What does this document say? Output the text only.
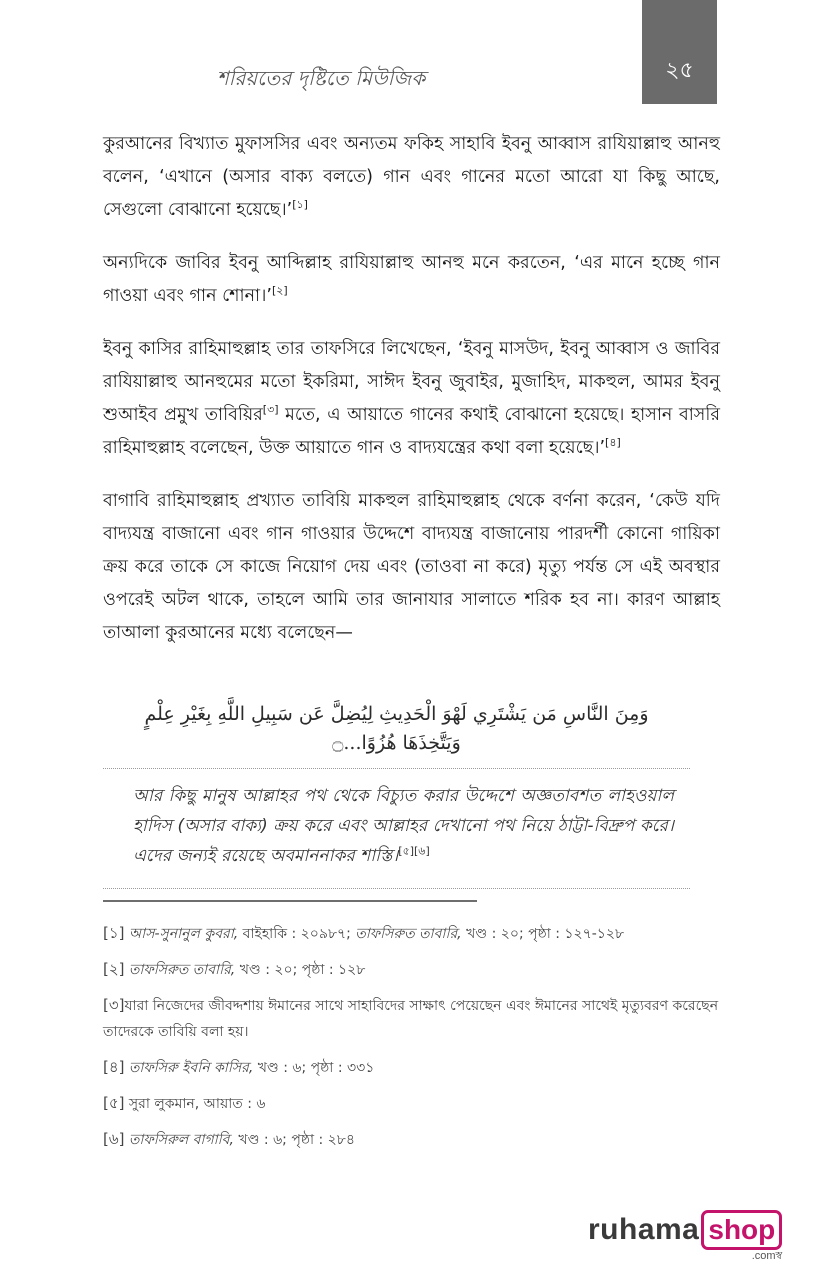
শরিয়তের দৃষ্টিতে মিউজিক	২৫

কুরআনের বিখ্যাত মুফাসসির এবং অন্যতম ফকিহ সাহাবি ইবনু আব্বাস রাযিয়াল্লাহু আনহু বলেন, ‘এখানে (অসার বাক্য বলতে) গান এবং গানের মতো আরো যা কিছু আছে, সেগুলো বোঝানো হয়েছে।’[১]

অন্যদিকে জাবির ইবনু আব্দিল্লাহ রাযিয়াল্লাহু আনহু মনে করতেন, ‘এর মানে হচ্ছে গান গাওয়া এবং গান শোনা।’[২]

ইবনু কাসির রাহিমাহুল্লাহ তার তাফসিরে লিখেছেন, ‘ইবনু মাসউদ, ইবনু আব্বাস ও জাবির রাযিয়াল্লাহু আনহুমের মতো ইকরিমা, সাঈদ ইবনু জুবাইর, মুজাহিদ, মাকহুল, আমর ইবনু শুআইব প্রমুখ তাবিয়ির[৩] মতে, এ আয়াতে গানের কথাই বোঝানো হয়েছে। হাসান বাসরি রাহিমাহুল্লাহ বলেছেন, উক্ত আয়াতে গান ও বাদ্যযন্ত্রের কথা বলা হয়েছে।’[৪]

বাগাবি রাহিমাহুল্লাহ প্রখ্যাত তাবিয়ি মাকহুল রাহিমাহুল্লাহ থেকে বর্ণনা করেন, ‘কেউ যদি বাদ্যযন্ত্র বাজানো এবং গান গাওয়ার উদ্দেশে বাদ্যযন্ত্র বাজানোয় পারদর্শী কোনো গায়িকা ক্রয় করে তাকে সে কাজে নিয়োগ দেয় এবং (তাওবা না করে) মৃত্যু পর্যন্ত সে এই অবস্থার ওপরেই অটল থাকে, তাহলে আমি তার জানাযার সালাতে শরিক হব না। কারণ আল্লাহ তাআলা কুরআনের মধ্যে বলেছেন—

وَمِنَ النَّاسِ مَن يَشْتَرِي لَهْوَ الْحَدِيثِ لِيُضِلَّ عَن سَبِيلِ اللَّهِ بِغَيْرِ عِلْمٍ وَيَتَّخِذَهَا هُزُوًا...۝

আর কিছু মানুষ আল্লাহর পথ থেকে বিচ্যুত করার উদ্দেশে অজ্ঞতাবশত লাহওয়াল হাদিস (অসার বাক্য) ক্রয় করে এবং আল্লাহর দেখানো পথ নিয়ে ঠাট্টা-বিদ্রুপ করে। এদের জন্যই রয়েছে অবমাননাকর শাস্তি।[৫][৬]

[১] আস-সুনানুল কুবরা, বাইহাকি : ২০৯৮৭; তাফসিরুত তাবারি, খণ্ড : ২০; পৃষ্ঠা : ১২৭-১২৮

[২] তাফসিরুত তাবারি, খণ্ড : ২০; পৃষ্ঠা : ১২৮

[৩]যারা নিজেদের জীবদ্দশায় ঈমানের সাথে সাহাবিদের সাক্ষাৎ পেয়েছেন এবং ঈমানের সাথেই মৃত্যুবরণ করেছেন তাদেরকে তাবিয়ি বলা হয়।

[৪] তাফসিরু ইবনি কাসির, খণ্ড : ৬; পৃষ্ঠা : ৩৩১

[৫] সুরা লুকমান, আয়াত : ৬

[৬] তাফসিরুল বাগাবি, খণ্ড : ৬; পৃষ্ঠা : ২৮৪

ruhama shop
.comস্ব
